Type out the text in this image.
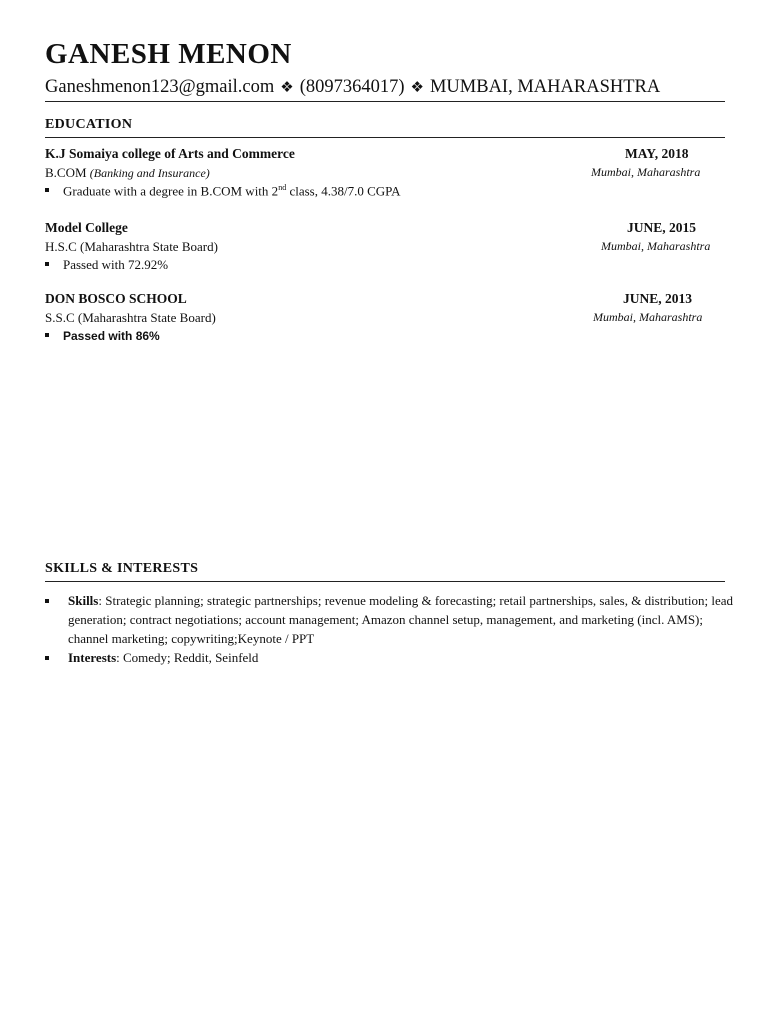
GANESH MENON
Ganeshmenon123@gmail.com ❖ (8097364017) ❖ MUMBAI, MAHARASHTRA
EDUCATION
K.J Somaiya college of Arts and Commerce	MAY, 2018
B.COM (Banking and Insurance)	Mumbai, Maharashtra
Graduate with a degree in B.COM with 2nd class, 4.38/7.0 CGPA
Model College	JUNE, 2015
H.S.C (Maharashtra State Board)	Mumbai, Maharashtra
Passed with 72.92%
DON BOSCO SCHOOL	JUNE, 2013
S.S.C (Maharashtra State Board)	Mumbai, Maharashtra
Passed with 86%
SKILLS & INTERESTS
Skills: Strategic planning; strategic partnerships; revenue modeling & forecasting; retail partnerships, sales, & distribution; lead generation; contract negotiations; account management; Amazon channel setup, management, and marketing (incl. AMS); channel marketing; copywriting;Keynote / PPT
Interests: Comedy; Reddit, Seinfeld
